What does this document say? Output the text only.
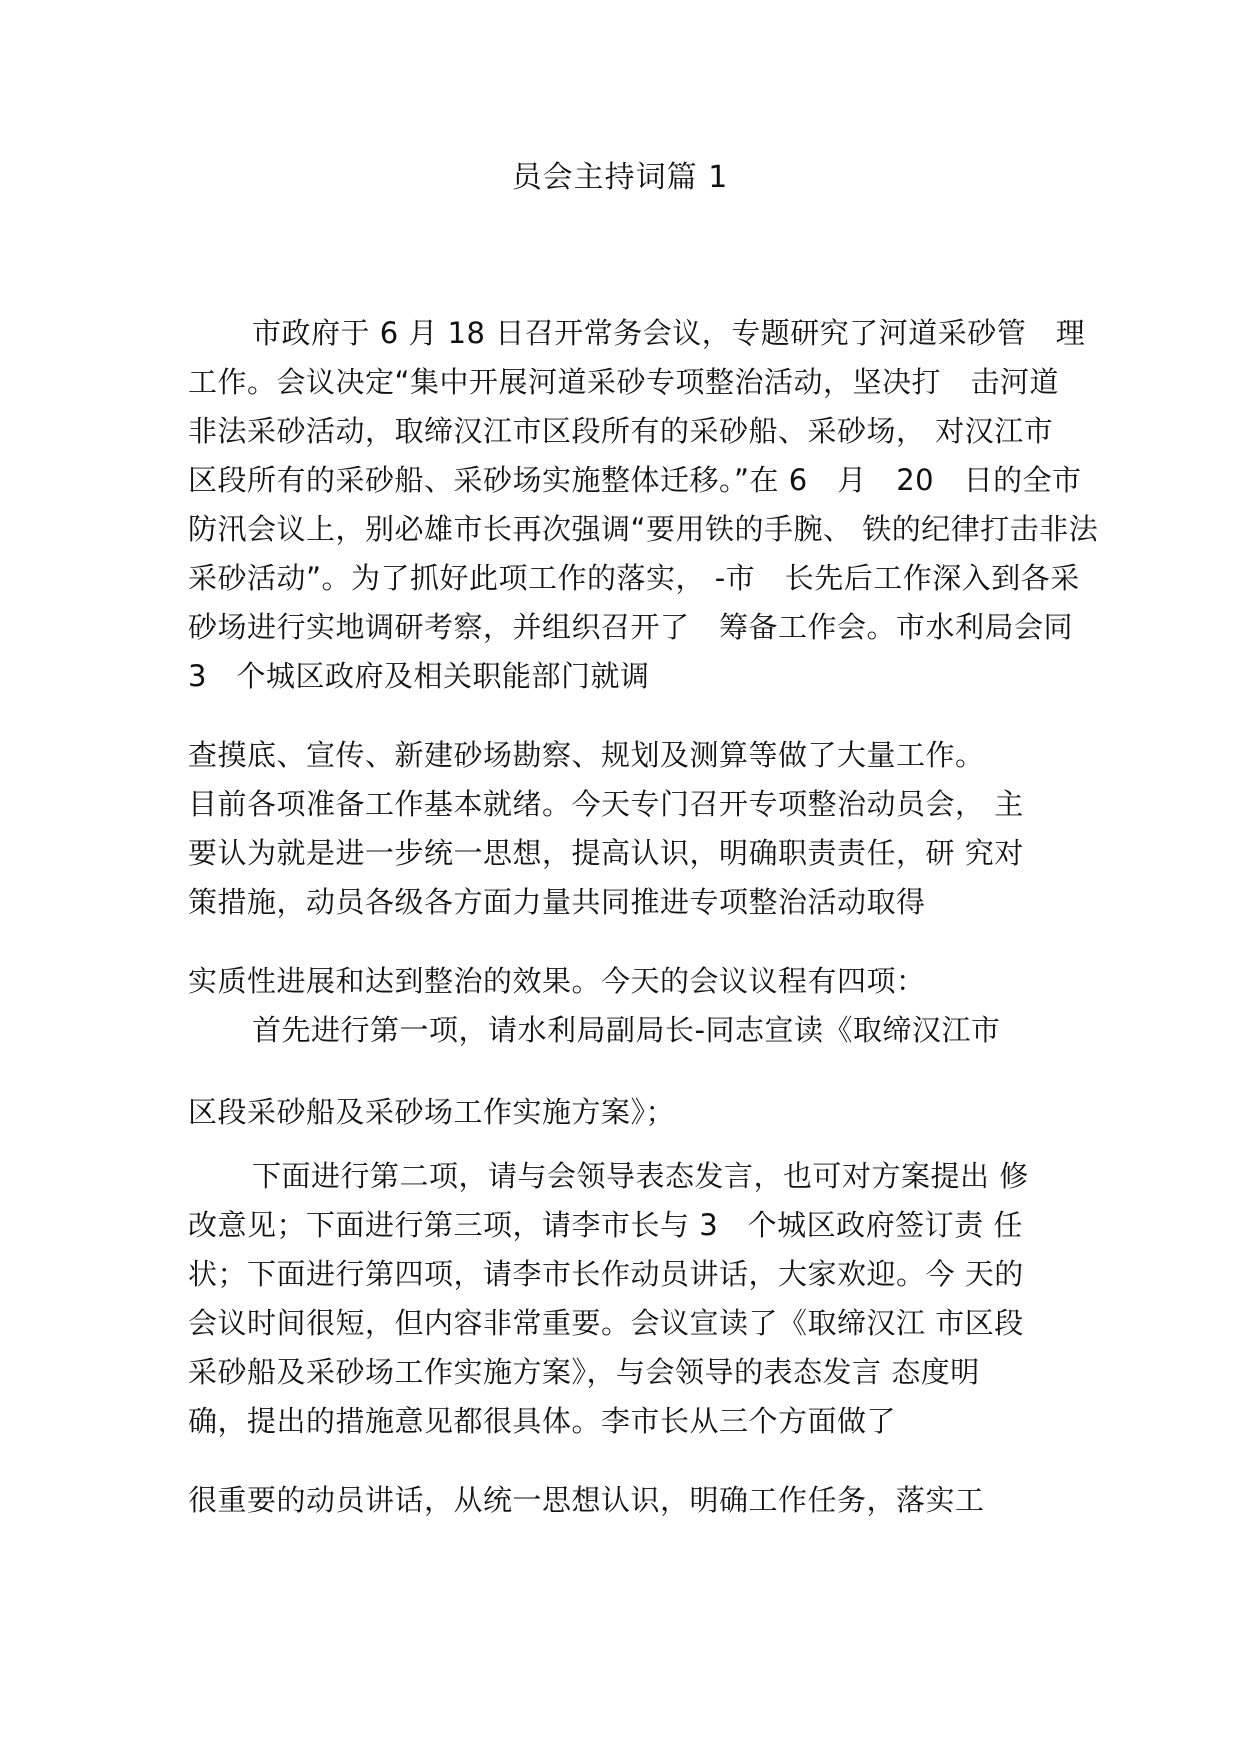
员会主持词篇 1
市政府于 6 月 18 日召开常务会议，专题研究了河道采砂管　理
工作。会议决定“集中开展河道采砂专项整治活动，坚决打　击河道
非法采砂活动，取缔汉江市区段所有的采砂船、采砂场， 对汉江市
区段所有的采砂船、采砂场实施整体迁移。”在 6　月　20　日的全市
防汛会议上，别必雄市长再次强调“要用铁的手腕、 铁的纪律打击非法
采砂活动”。为了抓好此项工作的落实， -市　长先后工作深入到各采
砂场进行实地调研考察，并组织召开了　筹备工作会。市水利局会同
3　个城区政府及相关职能部门就调
查摸底、宣传、新建砂场勘察、规划及测算等做了大量工作。
目前各项准备工作基本就绪。今天专门召开专项整治动员会， 主
要认为就是进一步统一思想，提高认识，明确职责责任，研 究对
策措施，动员各级各方面力量共同推进专项整治活动取得
实质性进展和达到整治的效果。今天的会议议程有四项：
首先进行第一项，请水利局副局长-同志宣读《取缔汉江市
区段采砂船及采砂场工作实施方案》；
下面进行第二项，请与会领导表态发言，也可对方案提出 修
改意见；下面进行第三项，请李市长与 3　个城区政府签订责 任
状；下面进行第四项，请李市长作动员讲话，大家欢迎。今 天的
会议时间很短，但内容非常重要。会议宣读了《取缔汉江 市区段
采砂船及采砂场工作实施方案》，与会领导的表态发言 态度明
确，提出的措施意见都很具体。李市长从三个方面做了
很重要的动员讲话，从统一思想认识，明确工作任务，落实工
